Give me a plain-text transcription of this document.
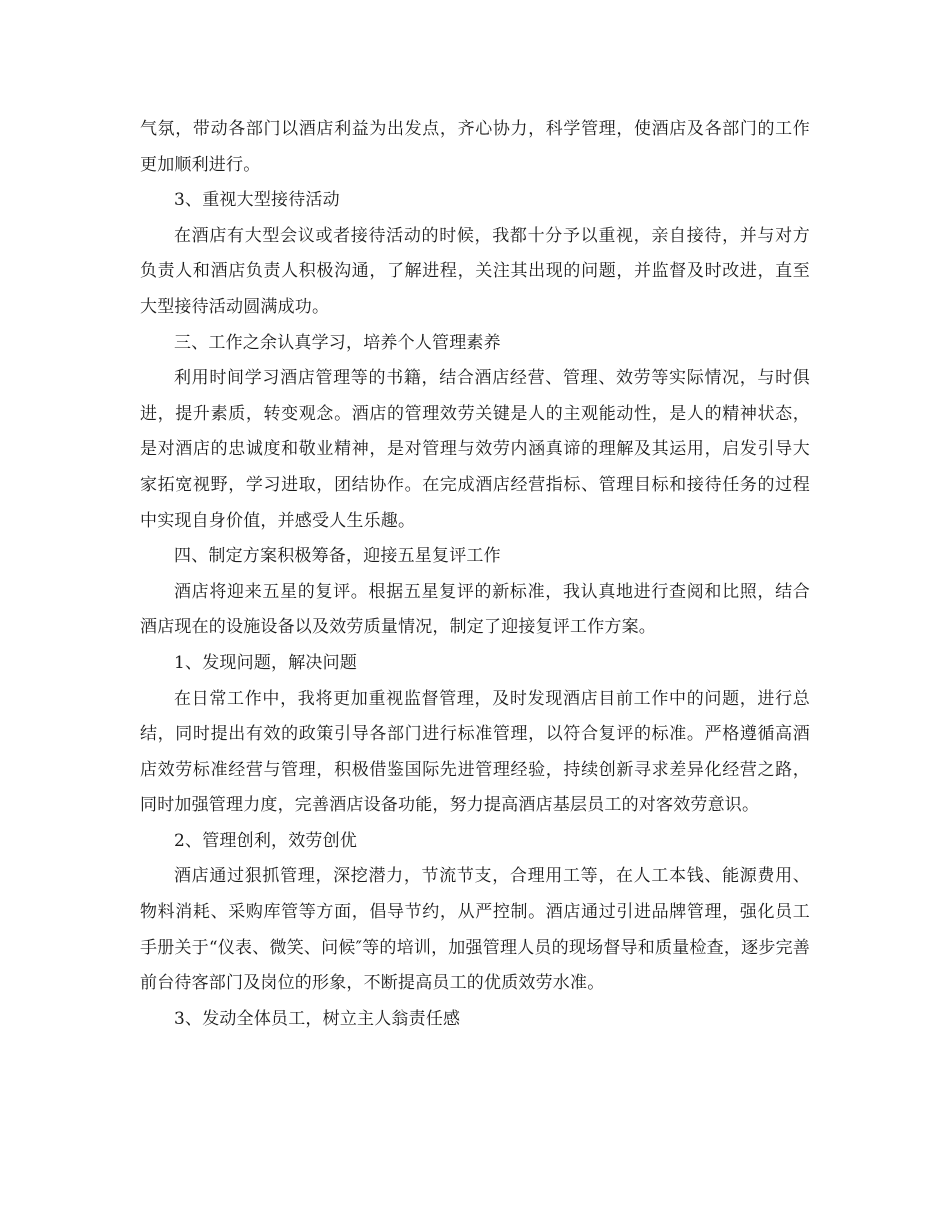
气氛，带动各部门以酒店利益为出发点，齐心协力，科学管理，使酒店及各部门的工作更加顺利进行。

3、重视大型接待活动

在酒店有大型会议或者接待活动的时候，我都十分予以重视，亲自接待，并与对方负责人和酒店负责人积极沟通，了解进程，关注其出现的问题，并监督及时改进，直至大型接待活动圆满成功。

三、工作之余认真学习，培养个人管理素养

利用时间学习酒店管理等的书籍，结合酒店经营、管理、效劳等实际情况，与时俱进，提升素质，转变观念。酒店的管理效劳关键是人的主观能动性，是人的精神状态，是对酒店的忠诚度和敬业精神，是对管理与效劳内涵真谛的理解及其运用，启发引导大家拓宽视野，学习进取，团结协作。在完成酒店经营指标、管理目标和接待任务的过程中实现自身价值，并感受人生乐趣。

四、制定方案积极筹备，迎接五星复评工作

酒店将迎来五星的复评。根据五星复评的新标准，我认真地进行查阅和比照，结合酒店现在的设施设备以及效劳质量情况，制定了迎接复评工作方案。

1、发现问题，解决问题

在日常工作中，我将更加重视监督管理，及时发现酒店目前工作中的问题，进行总结，同时提出有效的政策引导各部门进行标准管理，以符合复评的标准。严格遵循高酒店效劳标准经营与管理，积极借鉴国际先进管理经验，持续创新寻求差异化经营之路，同时加强管理力度，完善酒店设备功能，努力提高酒店基层员工的对客效劳意识。

2、管理创利，效劳创优

酒店通过狠抓管理，深挖潜力，节流节支，合理用工等，在人工本钱、能源费用、物料消耗、采购库管等方面，倡导节约，从严控制。酒店通过引进品牌管理，强化员工手册关于“仪表、微笑、问候″等的培训，加强管理人员的现场督导和质量检查，逐步完善前台待客部门及岗位的形象，不断提高员工的优质效劳水准。

3、发动全体员工，树立主人翁责任感
